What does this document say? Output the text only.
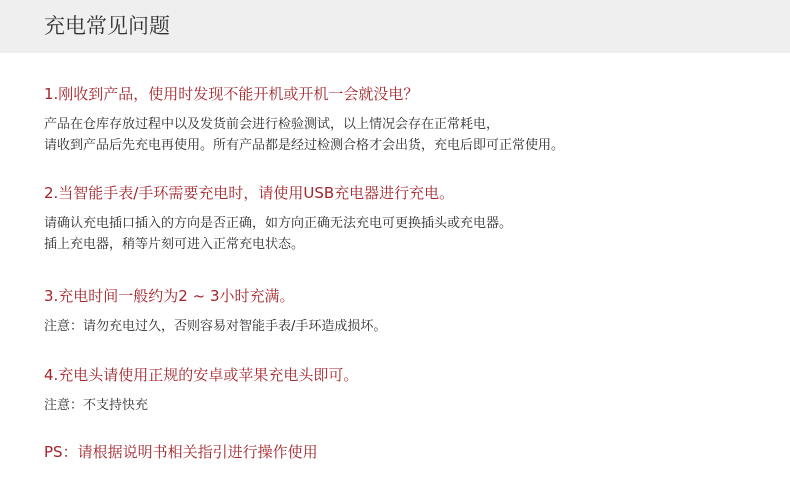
充电常见问题
1.刚收到产品，使用时发现不能开机或开机一会就没电？
产品在仓库存放过程中以及发货前会进行检验测试，以上情况会存在正常耗电，
请收到产品后先充电再使用。所有产品都是经过检测合格才会出货，充电后即可正常使用。
2.当智能手表/手环需要充电时，请使用USB充电器进行充电。
请确认充电插口插入的方向是否正确，如方向正确无法充电可更换插头或充电器。
插上充电器，稍等片刻可进入正常充电状态。
3.充电时间一般约为2 ~ 3小时充满。
注意：请勿充电过久，否则容易对智能手表/手环造成损坏。
4.充电头请使用正规的安卓或苹果充电头即可。
注意：不支持快充
PS：请根据说明书相关指引进行操作使用
